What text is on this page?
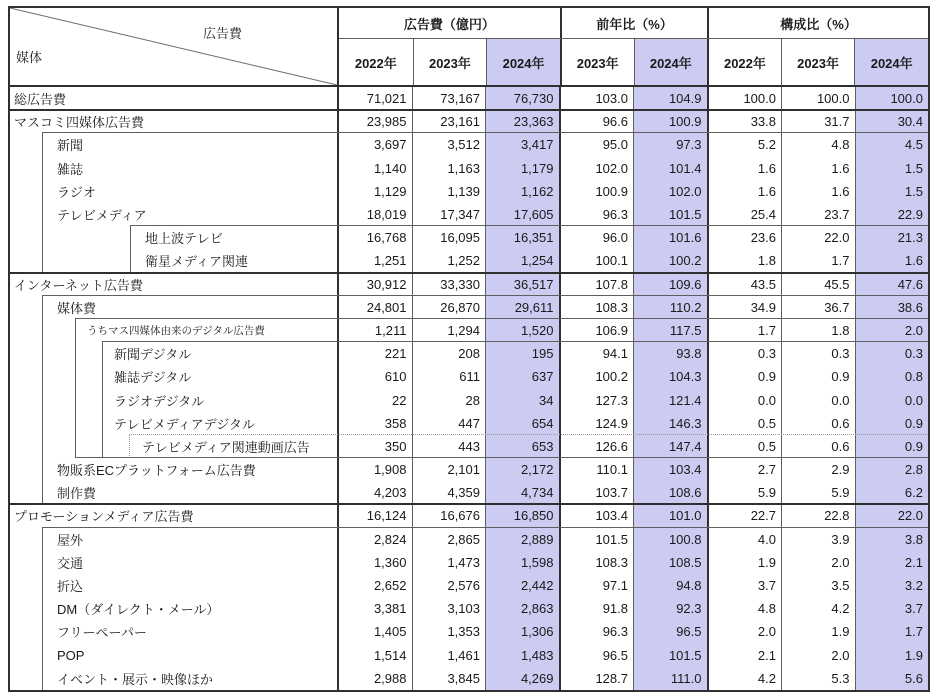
広告費
媒体
広告費（億円）	前年比（%）	構成比（%）
2022年	2023年	2024年	2023年	2024年	2022年	2023年	2024年
総広告費	71,021	73,167	76,730	103.0	104.9	100.0	100.0	100.0
マスコミ四媒体広告費	23,985	23,161	23,363	96.6	100.9	33.8	31.7	30.4
新聞	3,697	3,512	3,417	95.0	97.3	5.2	4.8	4.5
雑誌	1,140	1,163	1,179	102.0	101.4	1.6	1.6	1.5
ラジオ	1,129	1,139	1,162	100.9	102.0	1.6	1.6	1.5
テレビメディア	18,019	17,347	17,605	96.3	101.5	25.4	23.7	22.9
地上波テレビ	16,768	16,095	16,351	96.0	101.6	23.6	22.0	21.3
衛星メディア関連	1,251	1,252	1,254	100.1	100.2	1.8	1.7	1.6
インターネット広告費	30,912	33,330	36,517	107.8	109.6	43.5	45.5	47.6
媒体費	24,801	26,870	29,611	108.3	110.2	34.9	36.7	38.6
うちマス四媒体由来のデジタル広告費	1,211	1,294	1,520	106.9	117.5	1.7	1.8	2.0
新聞デジタル	221	208	195	94.1	93.8	0.3	0.3	0.3
雑誌デジタル	610	611	637	100.2	104.3	0.9	0.9	0.8
ラジオデジタル	22	28	34	127.3	121.4	0.0	0.0	0.0
テレビメディアデジタル	358	447	654	124.9	146.3	0.5	0.6	0.9
テレビメディア関連動画広告	350	443	653	126.6	147.4	0.5	0.6	0.9
物販系ECプラットフォーム広告費	1,908	2,101	2,172	110.1	103.4	2.7	2.9	2.8
制作費	4,203	4,359	4,734	103.7	108.6	5.9	5.9	6.2
プロモーションメディア広告費	16,124	16,676	16,850	103.4	101.0	22.7	22.8	22.0
屋外	2,824	2,865	2,889	101.5	100.8	4.0	3.9	3.8
交通	1,360	1,473	1,598	108.3	108.5	1.9	2.0	2.1
折込	2,652	2,576	2,442	97.1	94.8	3.7	3.5	3.2
DM（ダイレクト・メール）	3,381	3,103	2,863	91.8	92.3	4.8	4.2	3.7
フリーペーパー	1,405	1,353	1,306	96.3	96.5	2.0	1.9	1.7
POP	1,514	1,461	1,483	96.5	101.5	2.1	2.0	1.9
イベント・展示・映像ほか	2,988	3,845	4,269	128.7	111.0	4.2	5.3	5.6
